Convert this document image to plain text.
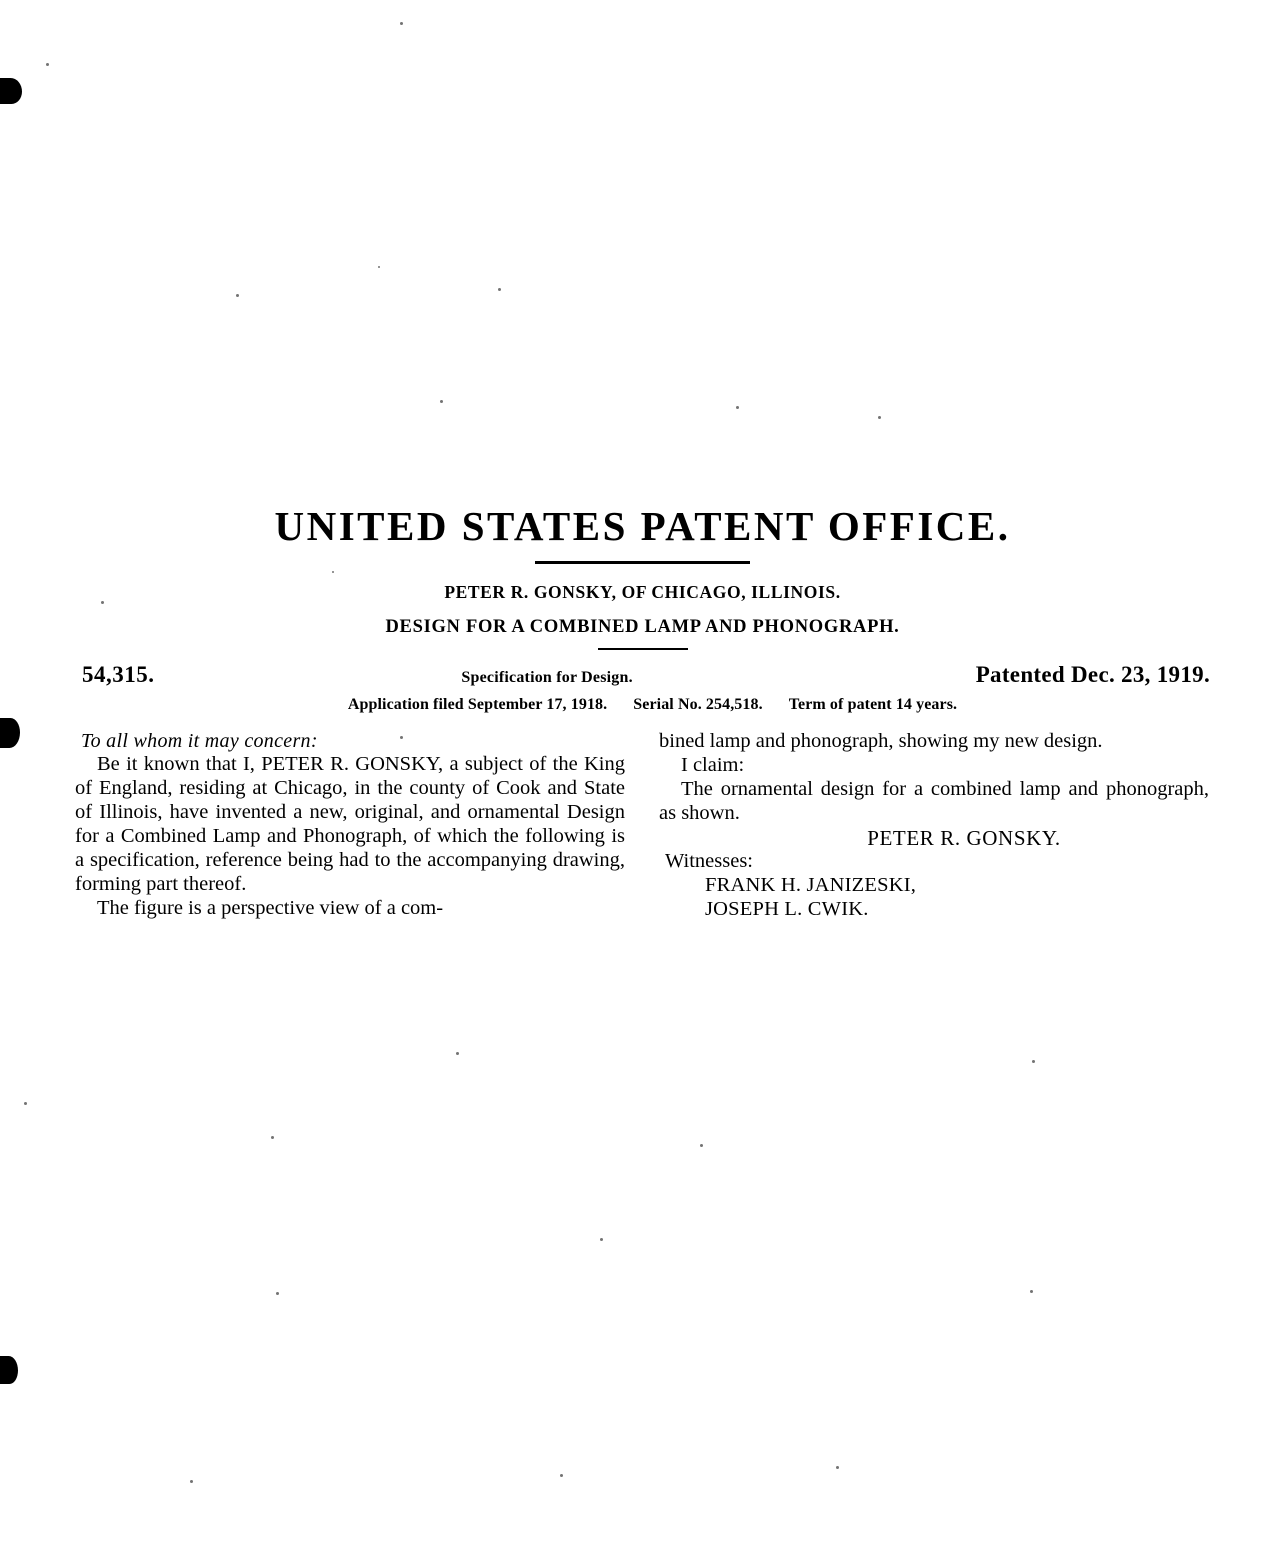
UNITED STATES PATENT OFFICE.
PETER R. GONSKY, OF CHICAGO, ILLINOIS.
DESIGN FOR A COMBINED LAMP AND PHONOGRAPH.
54,315.	Specification for Design.	Patented Dec. 23, 1919.
Application filed September 17, 1918. Serial No. 254,518. Term of patent 14 years.

To all whom it may concern:

Be it known that I, PETER R. GONSKY, a subject of the King of England, residing at Chicago, in the county of Cook and State of Illinois, have invented a new, original, and ornamental Design for a Combined Lamp and Phonograph, of which the following is a specification, reference being had to the accompanying drawing, forming part thereof.

The figure is a perspective view of a com-

bined lamp and phonograph, showing my new design.

I claim:

The ornamental design for a combined lamp and phonograph, as shown.

PETER R. GONSKY.

Witnesses:

FRANK H. JANIZESKI,

JOSEPH L. CWIK.
